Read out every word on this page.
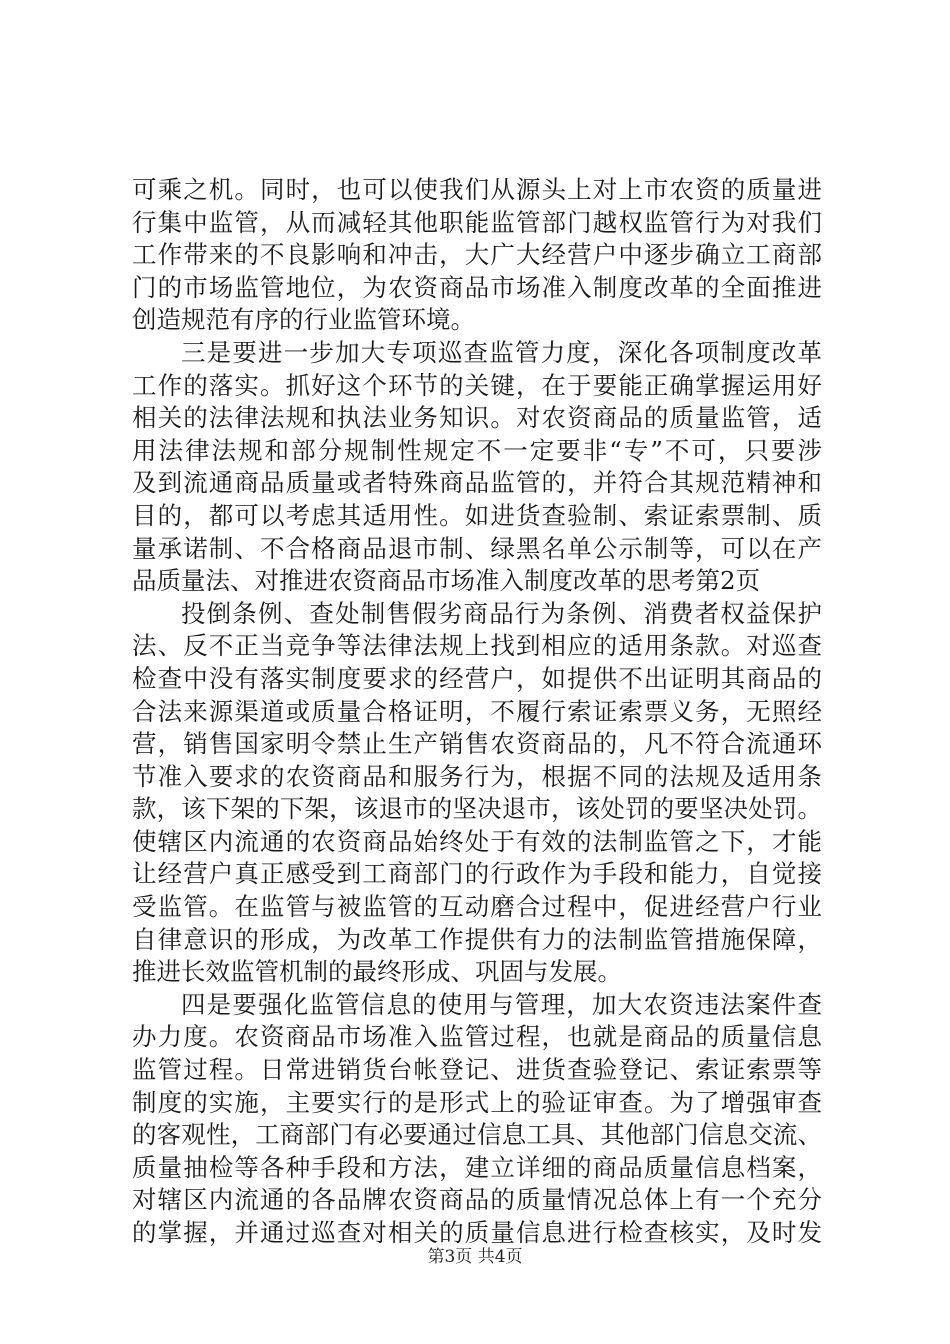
可乘之机。同时，也可以使我们从源头上对上市农资的质量进
行集中监管，从而减轻其他职能监管部门越权监管行为对我们
工作带来的不良影响和冲击，大广大经营户中逐步确立工商部
门的市场监管地位，为农资商品市场准入制度改革的全面推进
创造规范有序的行业监管环境。
三是要进一步加大专项巡查监管力度，深化各项制度改革
工作的落实。抓好这个环节的关键，在于要能正确掌握运用好
相关的法律法规和执法业务知识。对农资商品的质量监管，适
用法律法规和部分规制性规定不一定要非“专”不可，只要涉
及到流通商品质量或者特殊商品监管的，并符合其规范精神和
目的，都可以考虑其适用性。如进货查验制、索证索票制、质
量承诺制、不合格商品退市制、绿黑名单公示制等，可以在产
品质量法、对推进农资商品市场准入制度改革的思考第2页
投倒条例、查处制售假劣商品行为条例、消费者权益保护
法、反不正当竞争等法律法规上找到相应的适用条款。对巡查
检查中没有落实制度要求的经营户，如提供不出证明其商品的
合法来源渠道或质量合格证明，不履行索证索票义务，无照经
营，销售国家明令禁止生产销售农资商品的，凡不符合流通环
节准入要求的农资商品和服务行为，根据不同的法规及适用条
款，该下架的下架，该退市的坚决退市，该处罚的要坚决处罚。
使辖区内流通的农资商品始终处于有效的法制监管之下，才能
让经营户真正感受到工商部门的行政作为手段和能力，自觉接
受监管。在监管与被监管的互动磨合过程中，促进经营户行业
自律意识的形成，为改革工作提供有力的法制监管措施保障，
推进长效监管机制的最终形成、巩固与发展。
四是要强化监管信息的使用与管理，加大农资违法案件查
办力度。农资商品市场准入监管过程，也就是商品的质量信息
监管过程。日常进销货台帐登记、进货查验登记、索证索票等
制度的实施，主要实行的是形式上的验证审查。为了增强审查
的客观性，工商部门有必要通过信息工具、其他部门信息交流、
质量抽检等各种手段和方法，建立详细的商品质量信息档案，
对辖区内流通的各品牌农资商品的质量情况总体上有一个充分
的掌握，并通过巡查对相关的质量信息进行检查核实，及时发
第3页 共4页
